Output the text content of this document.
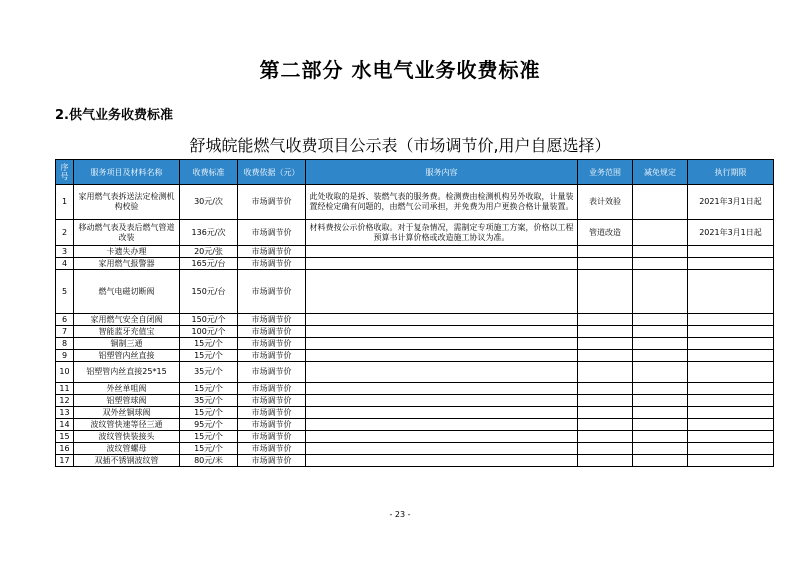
第二部分 水电气业务收费标准
2.供气业务收费标准
舒城皖能燃气收费项目公示表（市场调节价,用户自愿选择）
序号	服务项目及材料名称	收费标准	收费依据（元）	服务内容	业务范围	减免规定	执行期限
1	家用燃气表拆送法定检测机构校验	30元/次	市场调节价	此处收取的是拆、装燃气表的服务费。检测费由检测机构另外收取，计量装置经检定确有问题的，由燃气公司承担，并免费为用户更换合格计量装置。	表计效验		2021年3月1日起
2	移动燃气表及表后燃气管道改装	136元/次	市场调节价	材料费按公示价格收取。对于复杂情况，需制定专项施工方案，价格以工程预算书计算价格或改造施工协议为准。	管道改造		2021年3月1日起
3	卡遗失办理	20元/张	市场调节价				
4	家用燃气报警器	165元/台	市场调节价				
5	燃气电磁切断阀	150元/台	市场调节价				
6	家用燃气安全自闭阀	150元/个	市场调节价				
7	智能蓝牙充值宝	100元/个	市场调节价				
8	铜制三通	15元/个	市场调节价				
9	铝塑管内丝直接	15元/个	市场调节价				
10	铝塑管内丝直接25*15	35元/个	市场调节价				
11	外丝单咀阀	15元/个	市场调节价				
12	铝塑管球阀	35元/个	市场调节价				
13	双外丝铜球阀	15元/个	市场调节价				
14	波纹管快速等径三通	95元/个	市场调节价				
15	波纹管快装接头	15元/个	市场调节价				
16	波纹管螺母	15元/个	市场调节价				
17	双插不锈钢波纹管	80元/米	市场调节价				
- 23 -
